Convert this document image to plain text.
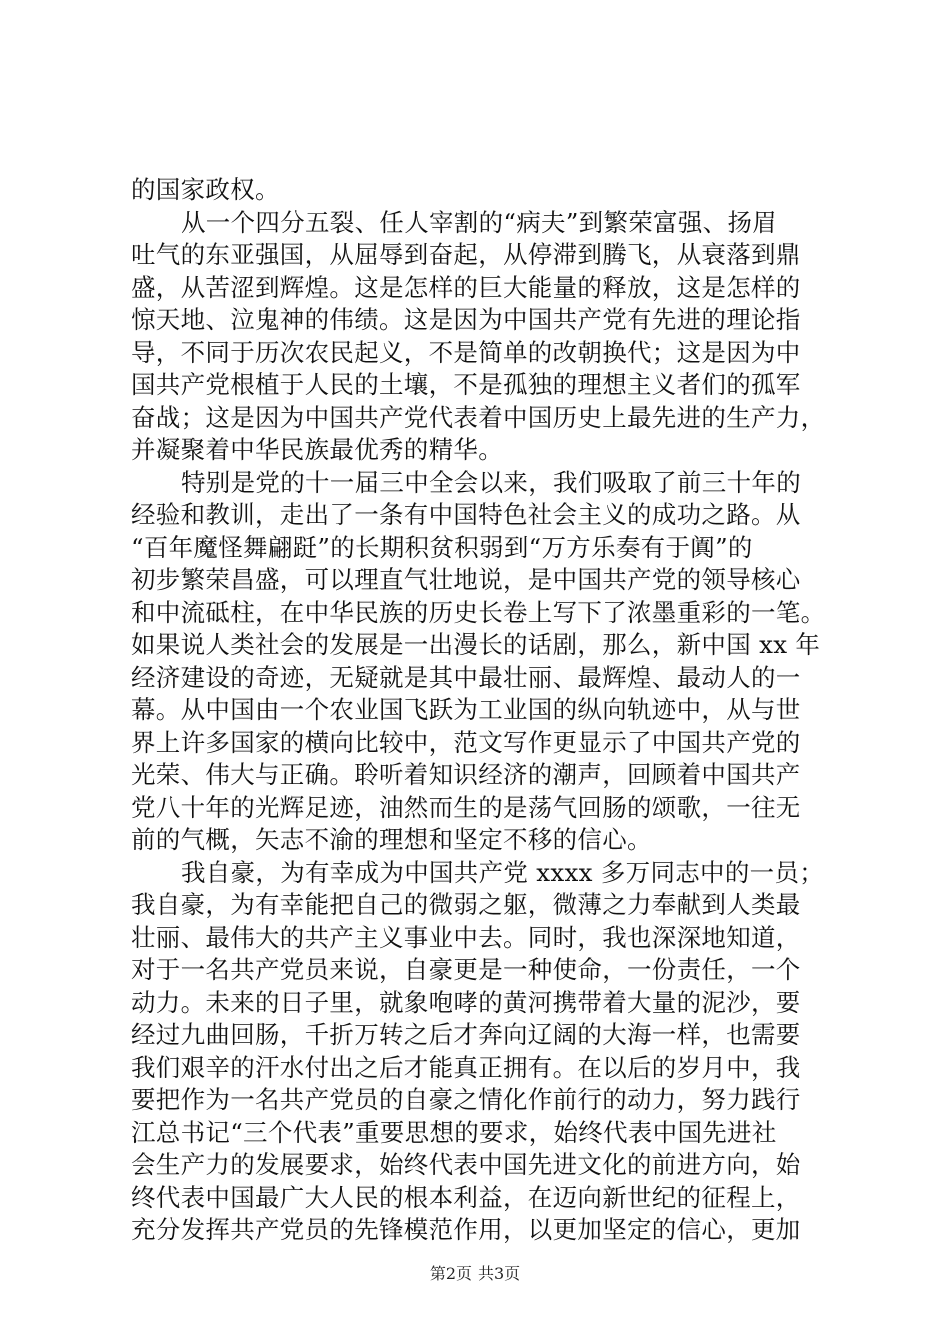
的国家政权。
从一个四分五裂、任人宰割的“病夫”到繁荣富强、扬眉
吐气的东亚强国，从屈辱到奋起，从停滞到腾飞，从衰落到鼎
盛，从苦涩到辉煌。这是怎样的巨大能量的释放，这是怎样的
惊天地、泣鬼神的伟绩。这是因为中国共产党有先进的理论指
导，不同于历次农民起义，不是简单的改朝换代；这是因为中
国共产党根植于人民的土壤，不是孤独的理想主义者们的孤军
奋战；这是因为中国共产党代表着中国历史上最先进的生产力，
并凝聚着中华民族最优秀的精华。
特别是党的十一届三中全会以来，我们吸取了前三十年的
经验和教训，走出了一条有中国特色社会主义的成功之路。从
“百年魔怪舞翩跹”的长期积贫积弱到“万方乐奏有于阗”的
初步繁荣昌盛，可以理直气壮地说，是中国共产党的领导核心
和中流砥柱，在中华民族的历史长卷上写下了浓墨重彩的一笔。
如果说人类社会的发展是一出漫长的话剧，那么，新中国 xx 年
经济建设的奇迹，无疑就是其中最壮丽、最辉煌、最动人的一
幕。从中国由一个农业国飞跃为工业国的纵向轨迹中，从与世
界上许多国家的横向比较中，范文写作更显示了中国共产党的
光荣、伟大与正确。聆听着知识经济的潮声，回顾着中国共产
党八十年的光辉足迹，油然而生的是荡气回肠的颂歌，一往无
前的气概，矢志不渝的理想和坚定不移的信心。
我自豪，为有幸成为中国共产党 xxxx 多万同志中的一员；
我自豪，为有幸能把自己的微弱之躯，微薄之力奉献到人类最
壮丽、最伟大的共产主义事业中去。同时，我也深深地知道，
对于一名共产党员来说，自豪更是一种使命，一份责任，一个
动力。未来的日子里，就象咆哮的黄河携带着大量的泥沙，要
经过九曲回肠，千折万转之后才奔向辽阔的大海一样，也需要
我们艰辛的汗水付出之后才能真正拥有。在以后的岁月中，我
要把作为一名共产党员的自豪之情化作前行的动力，努力践行
江总书记“三个代表”重要思想的要求，始终代表中国先进社
会生产力的发展要求，始终代表中国先进文化的前进方向，始
终代表中国最广大人民的根本利益，在迈向新世纪的征程上，
充分发挥共产党员的先锋模范作用，以更加坚定的信心，更加
第2页 共3页
